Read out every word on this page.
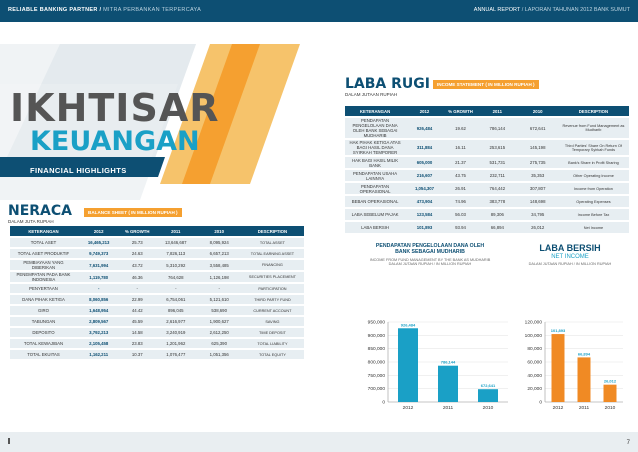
RELIABLE BANKING PARTNER / MITRA PERBANKAN TERPERCAYA	ANNUAL REPORT / LAPORAN TAHUNAN 2012 BANK SUMUT
IKHTISAR
KEUANGAN
FINANCIAL HIGHLIGHTS
NERACA	BALANCE SHEET ( IN MILLION RUPIAH )
DALAM JUTA RUPIAH
KETERANGAN	2012	% GROWTH	2011	2010	DESCRIPTION
TOTAL ASET	16,465,213	25.73	13,646,687	8,095,924	TOTAL ASSET
TOTAL ASET PRODUKTIF	9,749,373	24.63	7,826,113	6,657,213	TOTAL EARNING ASSET
PEMBIAYAAN YANG DIBERIKAN	7,631,994	43.72	5,310,292	3,558,485	FINANCING
PENEMPATAN PADA BANK INDONESIA	1,119,780	46.36	764,628	1,126,198	SECURITIES PLACEMENT
PENYERTAAN	-	-	-	-	PARTICIPATION
DANA PIHAK KETIGA	8,060,856	22.99	6,754,061	5,121,610	THIRD PARTY FUND
GIRO	1,648,954	44.42	896,045	538,690	CURRENT ACCOUNT
TABUNGAN	2,809,567	45.59	2,616,977	1,900,627	SAVING
DEPOSITO	3,792,213	14.58	3,240,919	2,612,250	TIME DEPOSIT
TOTAL KEWAJIBAN	2,105,458	23.83	1,201,962	625,390	TOTAL LIABILITY
TOTAL EKUITAS	1,162,211	10.37	1,076,477	1,051,356	TOTAL EQUITY
LABA RUGI	INCOME STATEMENT ( IN MILLION RUPIAH )
DALAM JUTAAN RUPIAH
KETERANGAN	2012	% GROWTH	2011	2010	DESCRIPTION
PENDAPATAN PENGELOLAAN DANA OLEH BANK SEBAGAI MUDHARIB	926,484	19.62	786,144	672,641	Revenue from Fund Management as Mudharib
HAK PIHAK KETIGA ATAS BAGI HASIL DANA SYIRKAH TEMPORER	311,884	16.11	253,615	145,198	Third Parties' Share On Return Of Temporary Syirkah Funds
HAK BAGI HASIL MILIK BANK	605,000	21.37	531,731	275,735	Bank's Share in Profit Sharing
PENDAPATAN USAHA LAINNYA	216,607	43.75	232,711	35,353	Other Operating Income
PENDAPATAN OPERASIONAL	1,054,307	26.91	764,442	307,807	Income from Operation
BEBAN OPERASIONAL	473,904	74.96	383,778	148,698	Operating Expenses
LABA SEBELUM PAJAK	123,584	56.03	89,306	34,795	Income Before Tax
LABA BERSIH	101,893	93.94	66,894	26,012	Net Income
PENDAPATAN PENGELOLAAN DANA OLEH
BANK SEBAGAI MUDHARIB
INCOME FROM FUND MANAGEMENT BY THE BANK AS MUDHARIB
DALAM JUTAAN RUPIAH / IN MILLION RUPIAH
950,000
900,000
850,000
800,000
750,000
700,000
0
926,484
2012
786,144
2011
672,641
2010
LABA BERSIH
NET INCOME
DALAM JUTAAN RUPIAH / IN MILLION RUPIAH
120,000
100,000
80,000
60,000
40,000
20,000
0
101,893
2012
66,894
2011
26,012
2010
7
